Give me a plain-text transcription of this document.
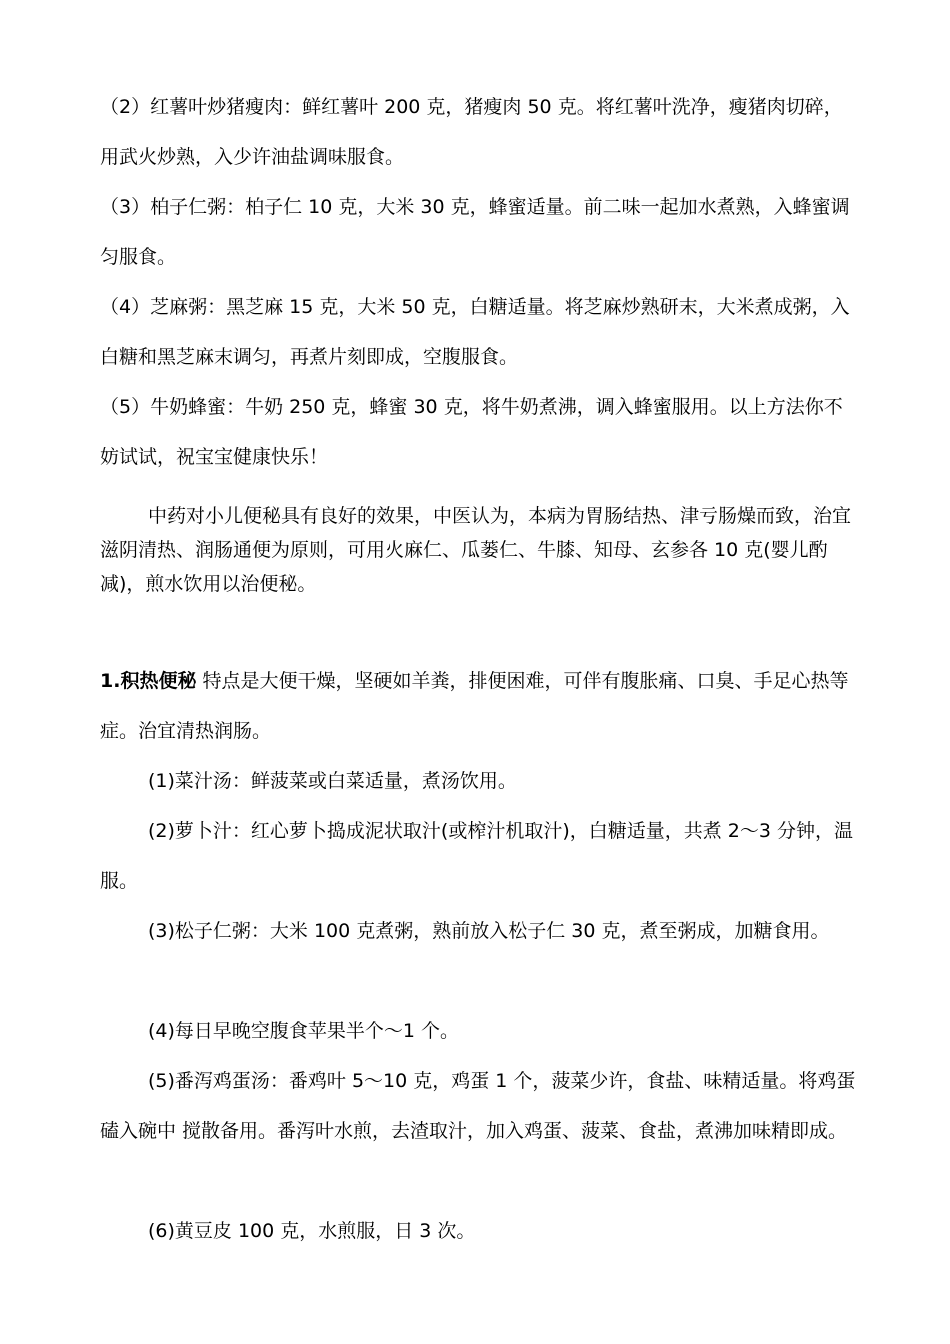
（2）红薯叶炒猪瘦肉：鲜红薯叶 200 克，猪瘦肉 50 克。将红薯叶洗净，瘦猪肉切碎，用武火炒熟，入少许油盐调味服食。

（3）柏子仁粥：柏子仁 10 克，大米 30 克，蜂蜜适量。前二味一起加水煮熟，入蜂蜜调匀服食。

（4）芝麻粥：黑芝麻 15 克，大米 50 克，白糖适量。将芝麻炒熟研末，大米煮成粥，入白糖和黑芝麻末调匀，再煮片刻即成，空腹服食。

（5）牛奶蜂蜜：牛奶 250 克，蜂蜜 30 克，将牛奶煮沸，调入蜂蜜服用。以上方法你不妨试试，祝宝宝健康快乐！

中药对小儿便秘具有良好的效果，中医认为，本病为胃肠结热、津亏肠燥而致，治宜滋阴清热、润肠通便为原则，可用火麻仁、瓜蒌仁、牛膝、知母、玄参各 10 克(婴儿酌减)，煎水饮用以治便秘。

1.积热便秘 特点是大便干燥，坚硬如羊粪，排便困难，可伴有腹胀痛、口臭、手足心热等 症。治宜清热润肠。

(1)菜汁汤：鲜菠菜或白菜适量，煮汤饮用。

(2)萝卜汁：红心萝卜捣成泥状取汁(或榨汁机取汁)，白糖适量，共煮 2～3 分钟，温服。

(3)松子仁粥：大米 100 克煮粥，熟前放入松子仁 30 克，煮至粥成，加糖食用。

(4)每日早晚空腹食苹果半个～1 个。

(5)番泻鸡蛋汤：番鸡叶 5～10 克，鸡蛋 1 个，菠菜少许，食盐、味精适量。将鸡蛋磕入碗中 搅散备用。番泻叶水煎，去渣取汁，加入鸡蛋、菠菜、食盐，煮沸加味精即成。

(6)黄豆皮 100 克，水煎服，日 3 次。
